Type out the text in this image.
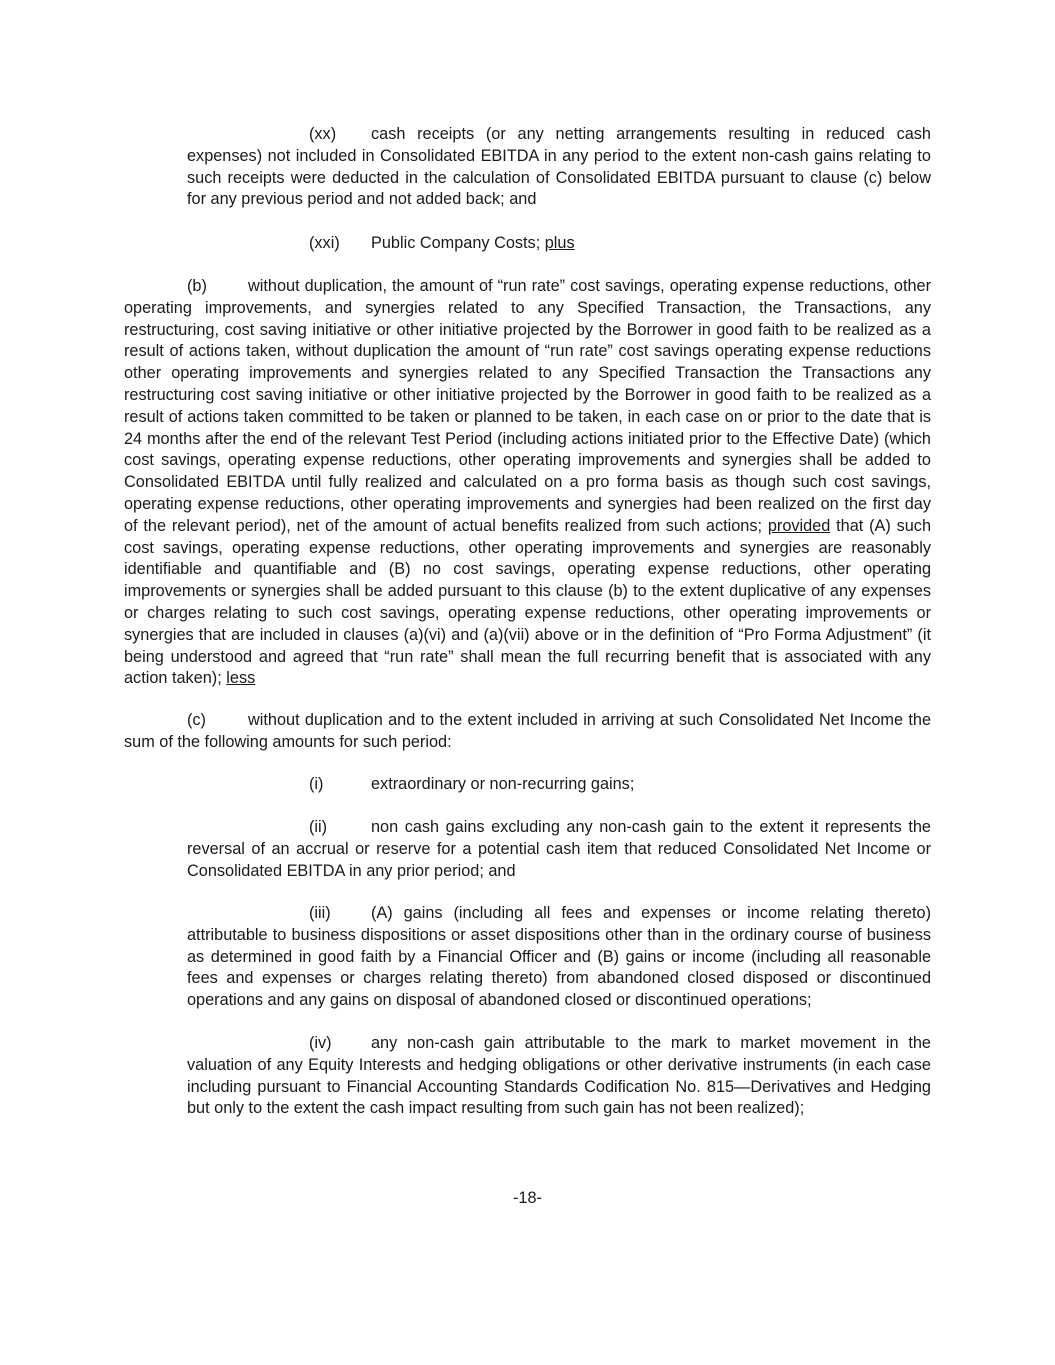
(xx) cash receipts (or any netting arrangements resulting in reduced cash expenses) not included in Consolidated EBITDA in any period to the extent non-cash gains relating to such receipts were deducted in the calculation of Consolidated EBITDA pursuant to clause (c) below for any previous period and not added back; and

(xxi) Public Company Costs; plus

(b)	without duplication, the amount of “run rate” cost savings, operating expense reductions, other operating improvements, and synergies related to any Specified Transaction, the Transactions, any restructuring, cost saving initiative or other initiative projected by the Borrower in good faith to be realized as a result of actions taken, without duplication the amount of “run rate” cost savings operating expense reductions other operating improvements and synergies related to any Specified Transaction the Transactions any restructuring cost saving initiative or other initiative projected by the Borrower in good faith to be realized as a result of actions taken committed to be taken or planned to be taken, in each case on or prior to the date that is 24 months after the end of the relevant Test Period (including actions initiated prior to the Effective Date) (which cost savings, operating expense reductions, other operating improvements and synergies shall be added to Consolidated EBITDA until fully realized and calculated on a pro forma basis as though such cost savings, operating expense reductions, other operating improvements and synergies had been realized on the first day of the relevant period), net of the amount of actual benefits realized from such actions; provided that (A) such cost savings, operating expense reductions, other operating improvements and synergies are reasonably identifiable and quantifiable and (B) no cost savings, operating expense reductions, other operating improvements or synergies shall be added pursuant to this clause (b) to the extent duplicative of any expenses or charges relating to such cost savings, operating expense reductions, other operating improvements or synergies that are included in clauses (a)(vi) and (a)(vii) above or in the definition of “Pro Forma Adjustment” (it being understood and agreed that “run rate” shall mean the full recurring benefit that is associated with any action taken); less

(c)	without duplication and to the extent included in arriving at such Consolidated Net Income the sum of the following amounts for such period:

(i)	extraordinary or non-recurring gains;

(ii)	non cash gains excluding any non-cash gain to the extent it represents the reversal of an accrual or reserve for a potential cash item that reduced Consolidated Net Income or Consolidated EBITDA in any prior period; and

(iii) (A) gains (including all fees and expenses or income relating thereto) attributable to business dispositions or asset dispositions other than in the ordinary course of business as determined in good faith by a Financial Officer and (B) gains or income (including all reasonable fees and expenses or charges relating thereto) from abandoned closed disposed or discontinued operations and any gains on disposal of abandoned closed or discontinued operations;

(iv) any non-cash gain attributable to the mark to market movement in the valuation of any Equity Interests and hedging obligations or other derivative instruments (in each case including pursuant to Financial Accounting Standards Codification No. 815—Derivatives and Hedging but only to the extent the cash impact resulting from such gain has not been realized);

-18-
